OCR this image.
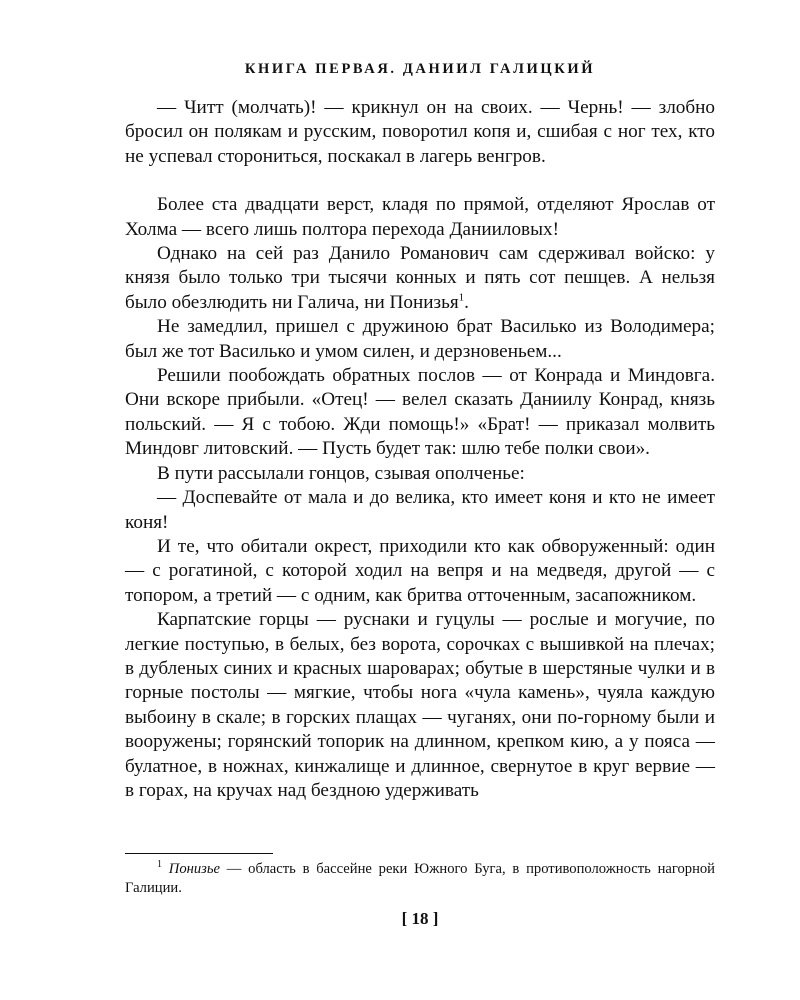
КНИГА ПЕРВАЯ. ДАНИИЛ ГАЛИЦКИЙ

— Читт (молчать)! — крикнул он на своих. — Чернь! — злобно бросил он полякам и русским, поворотил копя и, сшибая с ног тех, кто не успевал сторониться, поскакал в лагерь венгров.

Более ста двадцати верст, кладя по прямой, отделяют Ярослав от Холма — всего лишь полтора перехода Данииловых!

Однако на сей раз Данило Романович сам сдерживал войско: у князя было только три тысячи конных и пять сот пешцев. А нельзя было обезлюдить ни Галича, ни Понизья$^1$.

Не замедлил, пришел с дружиною брат Василько из Володимера; был же тот Василько и умом силен, и дерзновеньем...

Решили пообождать обратных послов — от Конрада и Миндовга. Они вскоре прибыли. «Отец! — велел сказать Даниилу Конрад, князь польский. — Я с тобою. Жди помощь!» «Брат! — приказал молвить Миндовг литовский. — Пусть будет так: шлю тебе полки свои».

В пути рассылали гонцов, сзывая ополченье:

— Доспевайте от мала и до велика, кто имеет коня и кто не имеет коня!

И те, что обитали окрест, приходили кто как обворуженный: один — с рогатиной, с которой ходил на вепря и на медведя, другой — с топором, а третий — с одним, как бритва отточенным, засапожником.

Карпатские горцы — руснаки и гуцулы — рослые и могучие, по легкие поступью, в белых, без ворота, сорочках с вышивкой на плечах; в дубленых синих и красных шароварах; обутые в шерстяные чулки и в горные постолы — мягкие, чтобы нога «чула камень», чуяла каждую выбоину в скале; в горских плащах — чуганях, они по-горному были и вооружены; горянский топорик на длинном, крепком кию, а у пояса — булатное, в ножнах, кинжалище и длинное, свернутое в круг вервие — в горах, на кручах над бездною удерживать

$^1$ Понизье — область в бассейне реки Южного Буга, в противоположность нагорной Галиции.

[ 18 ]
